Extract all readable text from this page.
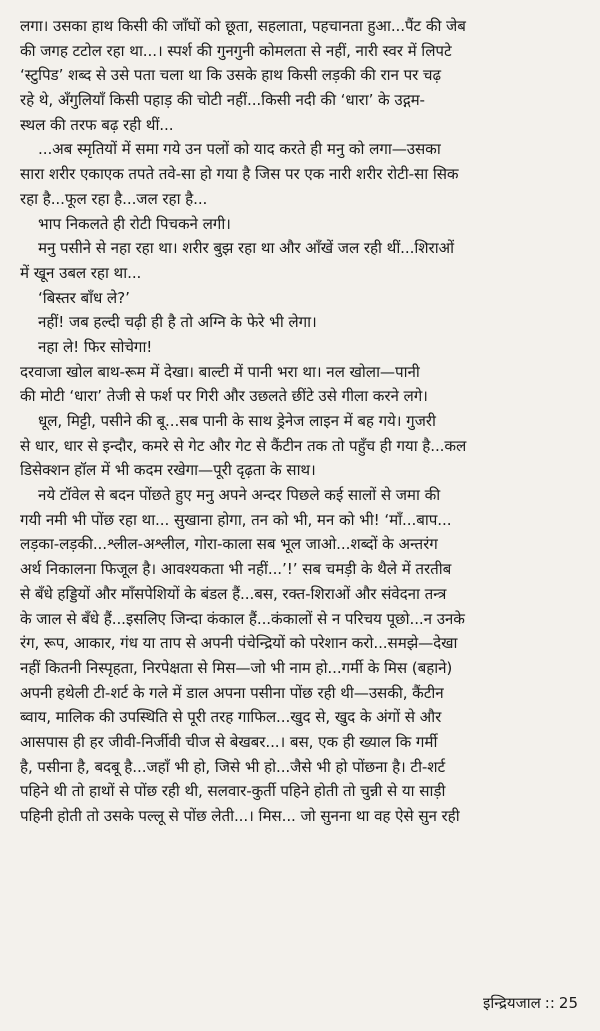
लगा। उसका हाथ किसी की जाँघों को छूता, सहलाता, पहचानता हुआ...पैंट की जेब
की जगह टटोल रहा था...। स्पर्श की गुनगुनी कोमलता से नहीं, नारी स्वर में लिपटे
‘स्टुपिड’ शब्द से उसे पता चला था कि उसके हाथ किसी लड़की की रान पर चढ़
रहे थे, अँगुलियाँ किसी पहाड़ की चोटी नहीं...किसी नदी की ‘धारा’ के उद्गम-
स्थल की तरफ बढ़ रही थीं...
...अब स्मृतियों में समा गये उन पलों को याद करते ही मनु को लगा—उसका
सारा शरीर एकाएक तपते तवे-सा हो गया है जिस पर एक नारी शरीर रोटी-सा सिक
रहा है...फूल रहा है...जल रहा है...
भाप निकलते ही रोटी पिचकने लगी।
मनु पसीने से नहा रहा था। शरीर बुझ रहा था और आँखें जल रही थीं...शिराओं
में खून उबल रहा था...
‘बिस्तर बाँध ले?’
नहीं! जब हल्दी चढ़ी ही है तो अग्नि के फेरे भी लेगा।
नहा ले! फिर सोचेगा!
दरवाजा खोल बाथ-रूम में देखा। बाल्टी में पानी भरा था। नल खोला—पानी
की मोटी ‘धारा’ तेजी से फर्श पर गिरी और उछलते छींटे उसे गीला करने लगे।
धूल, मिट्टी, पसीने की बू...सब पानी के साथ ड्रेनेज लाइन में बह गये। गुजरी
से धार, धार से इन्दौर, कमरे से गेट और गेट से कैंटीन तक तो पहुँच ही गया है...कल
डिसेक्शन हॉल में भी कदम रखेगा—पूरी दृढ़ता के साथ।
नये टॉवेल से बदन पोंछते हुए मनु अपने अन्दर पिछले कई सालों से जमा की
गयी नमी भी पोंछ रहा था... सुखाना होगा, तन को भी, मन को भी! ‘माँ...बाप...
लड़का-लड़की...श्लील-अश्लील, गोरा-काला सब भूल जाओ...शब्दों के अन्तरंग
अर्थ निकालना फिजूल है। आवश्यकता भी नहीं...’!’ सब चमड़ी के थैले में तरतीब
से बँधे हड्डियों और माँसपेशियों के बंडल हैं...बस, रक्त-शिराओं और संवेदना तन्त्र
के जाल से बँधे हैं...इसलिए जिन्दा कंकाल हैं...कंकालों से न परिचय पूछो...न उनके
रंग, रूप, आकार, गंध या ताप से अपनी पंचेन्द्रियों को परेशान करो...समझे—देखा
नहीं कितनी निस्पृहता, निरपेक्षता से मिस—जो भी नाम हो...गर्मी के मिस (बहाने)
अपनी हथेली टी-शर्ट के गले में डाल अपना पसीना पोंछ रही थी—उसकी, कैंटीन
ब्वाय, मालिक की उपस्थिति से पूरी तरह गाफिल...खुद से, खुद के अंगों से और
आसपास ही हर जीवी-निर्जीवी चीज से बेखबर...। बस, एक ही ख्याल कि गर्मी
है, पसीना है, बदबू है...जहाँ भी हो, जिसे भी हो...जैसे भी हो पोंछना है। टी-शर्ट
पहिने थी तो हाथों से पोंछ रही थी, सलवार-कुर्ती पहिने होती तो चुन्नी से या साड़ी
पहिनी होती तो उसके पल्लू से पोंछ लेती...। मिस... जो सुनना था वह ऐसे सुन रही
इन्द्रियजाल :: 25
